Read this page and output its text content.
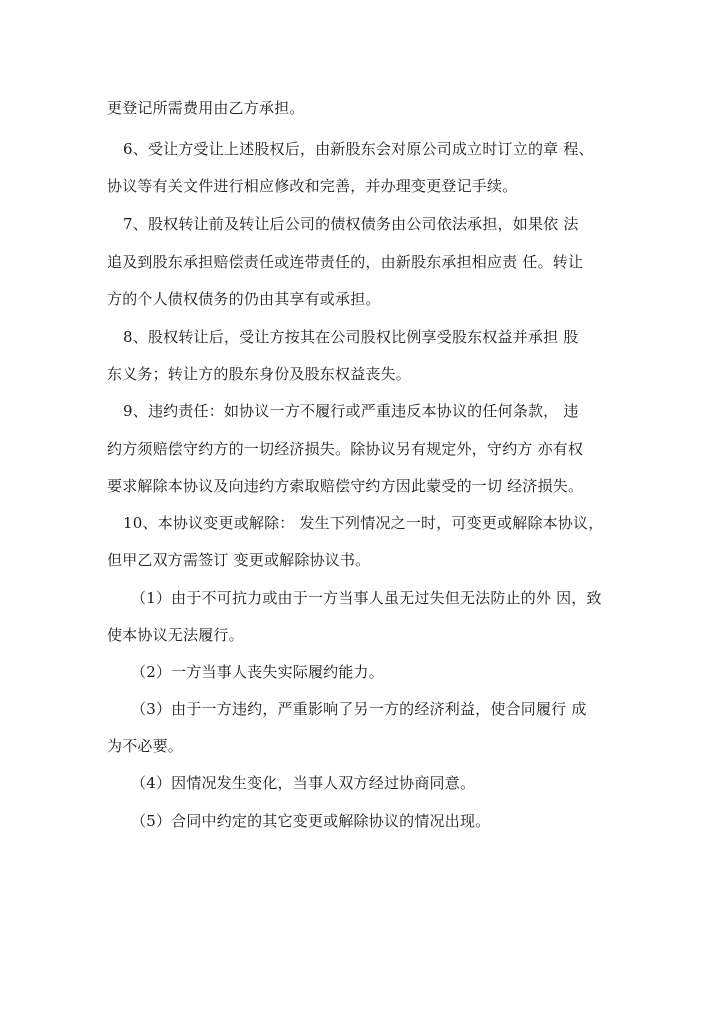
更登记所需费用由乙方承担。
6、受让方受让上述股权后，由新股东会对原公司成立时订立的章 程、
协议等有关文件进行相应修改和完善，并办理变更登记手续。
7、股权转让前及转让后公司的债权债务由公司依法承担，如果依 法
追及到股东承担赔偿责任或连带责任的，由新股东承担相应责 任。转让
方的个人债权债务的仍由其享有或承担。
8、股权转让后，受让方按其在公司股权比例享受股东权益并承担 股
东义务；转让方的股东身份及股东权益丧失。
9、违约责任：如协议一方不履行或严重违反本协议的任何条款， 违
约方须赔偿守约方的一切经济损失。除协议另有规定外，守约方 亦有权
要求解除本协议及向违约方索取赔偿守约方因此蒙受的一切 经济损失。
10、本协议变更或解除： 发生下列情况之一时，可变更或解除本协议，
但甲乙双方需签订 变更或解除协议书。
（1）由于不可抗力或由于一方当事人虽无过失但无法防止的外 因，致
使本协议无法履行。
（2）一方当事人丧失实际履约能力。
（3）由于一方违约，严重影响了另一方的经济利益，使合同履行 成
为不必要。
（4）因情况发生变化，当事人双方经过协商同意。
（5）合同中约定的其它变更或解除协议的情况出现。
